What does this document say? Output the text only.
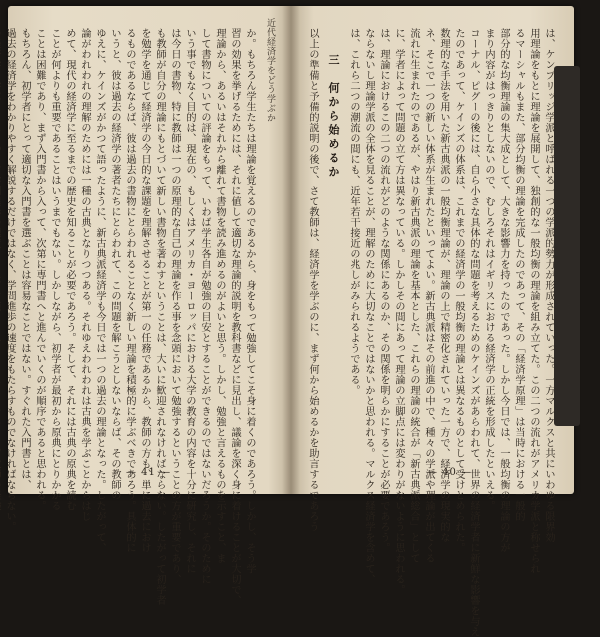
近代経済学をどう学ぶか
か。もちろん学生たちは理論を覚えるのであるから、身をもって勉強してこそ身に着くのであろう。しかし、そう学
習の効果を挙げるためには、それに値して適切な理論的説明を教科書などに見出し、議論を深く身に着けることが大切で、
理論から、あるいはそれから離れて書物を読み進めるのがよいと思う。しかし、勉強と言えるものを示すこと、ま
して書物についての評論をもって、いわば学生各自が勉強の目安とすることができるのではないだろうか。そのために
いう事でもなく目的は、現在の、もしくはアメリカ・ヨーロッパにおける大学の教育の内容を十分に研究し、それに
は今日の書物、特に教師は一つの原理的な自己の理論を作る事を念頭において勉強するということの方が重要であり、
も教師が自分の理論にもとづいて新しい書物を著わすということは、大いに歓迎されなければならない。したがって初学者
を勉学を通じて経済学の今日的な課題を理解させることが第一の任務であるから、教師の方も、単に過去におけ
るものであるならば、彼は過去の書物にとらわれることなく新しい理論を積極的に学ぶべきであろう。具体的に
いうと、彼は過去の経済学の著者たちにとらわれて、この問題を解こうとしないならば、その教師の
ゆえに、ケインズがかつて語ったように、新古典派経済学も今日では一つの過去の理論となった。したがって、
論がわれわれの理解のためには一種の古典となりつつある。それゆえわれわれは古典を学ぶことからはじ
めて、現代の経済学に至るまでの歴史を知ることが必要であろう。そして、それには古典の原典を読む
ことが何よりも重要であることはいうまでもない。しかしながら、初学者が最初から原典にとりかかる
ことは困難であり、まず入門書から入って、次第に専門書へと進んでいくのが順序であると思われる。
もちろん、初学者にとって適切な入門書を選ぶことは容易なことではない。すぐれた入門書とは、
過去の経済学をわかりやすく解説するだけではなく、学問進歩の速度をもたらすものでなければならない。	— 41 —	は、ケンブリッジ学派と呼ばれる一つの学派的勢力が形成されていった。一方マルクスと共にいわゆる限界効
用理論をもとに理論を展開して、独創的な一般均衡の理論を組み立てた。この二つの流れがアメリカ学派と称せられ
るマーシャルもまた、部分均衡の理論を完成したのであって、その「経済学原理」は当時における一般的
部分的な均衡理論の集大成として、大きな影響力を持ったのであった。しかし今日では、一般均衡の理論の方が
まり内容がはっきりとしないので、むしろそれはイギリスにおける経済学の正統を形成したといえる。
コーナル、ピグーの後には、自ら小さな具体的な問題を考えるためのケインズがあらわれて、世界の経済学者に新鮮な影響を与え
たのであって、ケインズの体系は、これまでの経済学の一般均衡の理論とは異なるものとして受けとめられた。
数理的な手法を用いた新古典派の一般均衡理論が、理論の上で精密化されていった一方で、経済学の現実的な
ネ、そこで一つの新しい体系が生まれたといってよい。新古典派はその前進の中で、種々の学派や理論が出てくる
流れに生まれたのであるが、やはり新古典派の理論を基本とした、これらの理論の統合が「新古典派総合」として
に、学者によって問題の立て方は異なっている。しかしその間にあって理論の立脚点には変わりがないように思われる。
は、理論におけるこの二つの流れがどのような関係にあるのか、その関係を明らかにすることが必要であろう。
ならないし理論学派の全体を見ることが、理解のために大切なことではないかと思われる。マルクス経済学を含めて、
は、これら二つの潮流の間にも、近年若干接近の兆しがみられるようである。
三　何から始めるか
以上の準備と予備的説明の後で、さて教師は、経済学を学ぶのに、まず何から始めるかを助言するであろう	— 40 —
